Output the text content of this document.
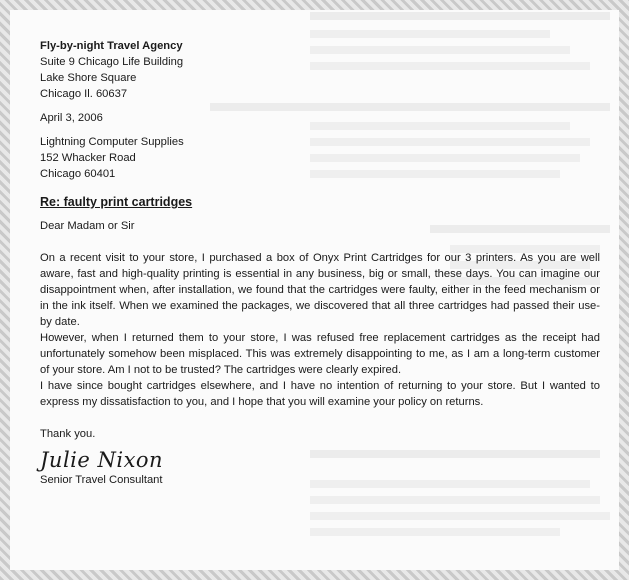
Fly-by-night Travel Agency
Suite 9 Chicago Life Building
Lake Shore Square
Chicago Il. 60637
April 3, 2006
Lightning Computer Supplies
152 Whacker Road
Chicago 60401
Re: faulty print cartridges
Dear Madam or Sir
On a recent visit to your store, I purchased a box of Onyx Print Cartridges for our 3 printers. As you are well aware, fast and high-quality printing is essential in any business, big or small, these days. You can imagine our disappointment when, after installation, we found that the cartridges were faulty, either in the feed mechanism or in the ink itself. When we examined the packages, we discovered that all three cartridges had passed their use-by date.
However, when I returned them to your store, I was refused free replacement cartridges as the receipt had unfortunately somehow been misplaced. This was extremely disappointing to me, as I am a long-term customer of your store. Am I not to be trusted? The cartridges were clearly expired.
I have since bought cartridges elsewhere, and I have no intention of returning to your store. But I wanted to express my dissatisfaction to you, and I hope that you will examine your policy on returns.
Thank you.
Julie Nixon
Senior Travel Consultant
